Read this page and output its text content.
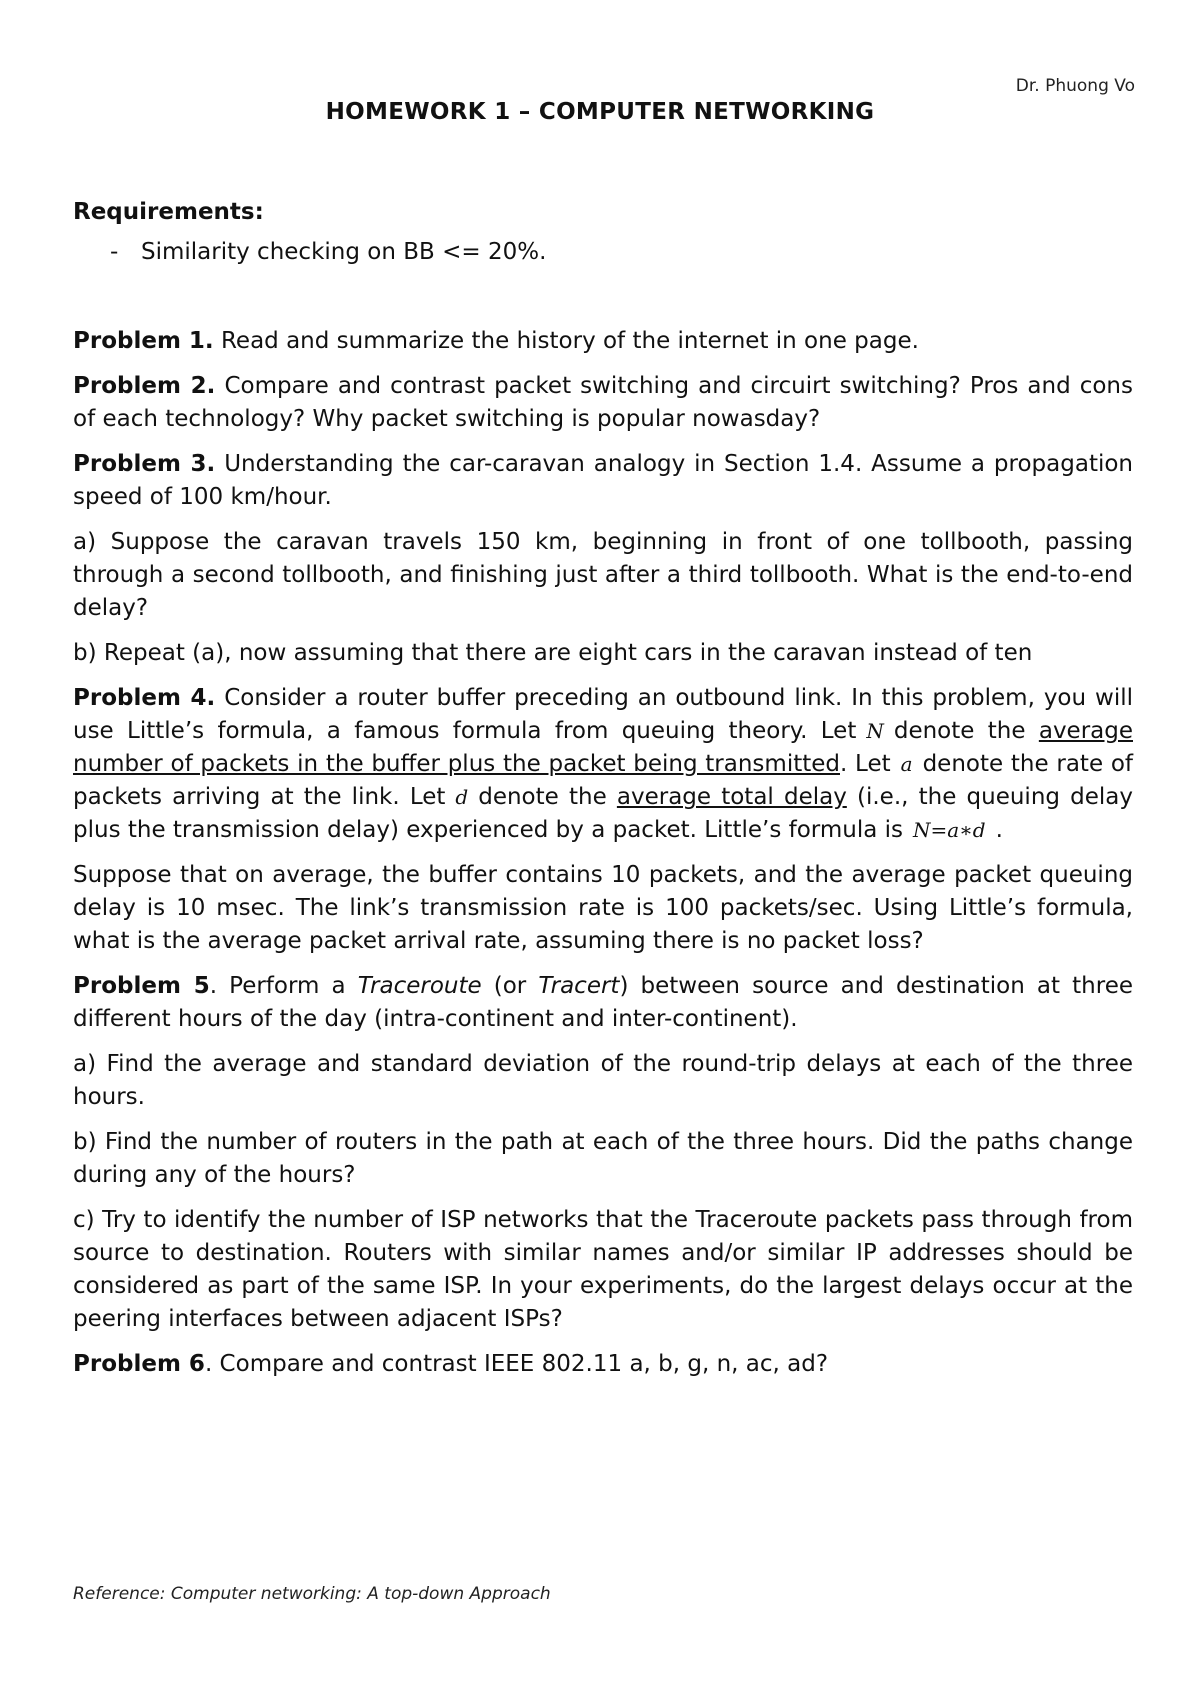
Dr. Phuong Vo
HOMEWORK 1 – COMPUTER NETWORKING
Requirements:
- Similarity checking on BB <= 20%.

Problem 1. Read and summarize the history of the internet in one page.

Problem 2. Compare and contrast packet switching and circuirt switching? Pros and cons of each technology? Why packet switching is popular nowasday?

Problem 3. Understanding the car-caravan analogy in Section 1.4. Assume a propagation speed of 100 km/hour.

a) Suppose the caravan travels 150 km, beginning in front of one tollbooth, passing through a second tollbooth, and finishing just after a third tollbooth. What is the end-to-end delay?

b) Repeat (a), now assuming that there are eight cars in the caravan instead of ten

Problem 4. Consider a router buffer preceding an outbound link. In this problem, you will use Little’s formula, a famous formula from queuing theory. Let N denote the average number of packets in the buffer plus the packet being transmitted. Let a denote the rate of packets arriving at the link. Let d denote the average total delay (i.e., the queuing delay plus the transmission delay) experienced by a packet. Little’s formula is N=a∗d .

Suppose that on average, the buffer contains 10 packets, and the average packet queuing delay is 10 msec. The link’s transmission rate is 100 packets/sec. Using Little’s formula, what is the average packet arrival rate, assuming there is no packet loss?

Problem 5. Perform a Traceroute (or Tracert) between source and destination at three different hours of the day (intra-continent and inter-continent).

a) Find the average and standard deviation of the round-trip delays at each of the three hours.

b) Find the number of routers in the path at each of the three hours. Did the paths change during any of the hours?

c) Try to identify the number of ISP networks that the Traceroute packets pass through from source to destination. Routers with similar names and/or similar IP addresses should be considered as part of the same ISP. In your experiments, do the largest delays occur at the peering interfaces between adjacent ISPs?

Problem 6. Compare and contrast IEEE 802.11 a, b, g, n, ac, ad?

Reference: Computer networking: A top-down Approach
